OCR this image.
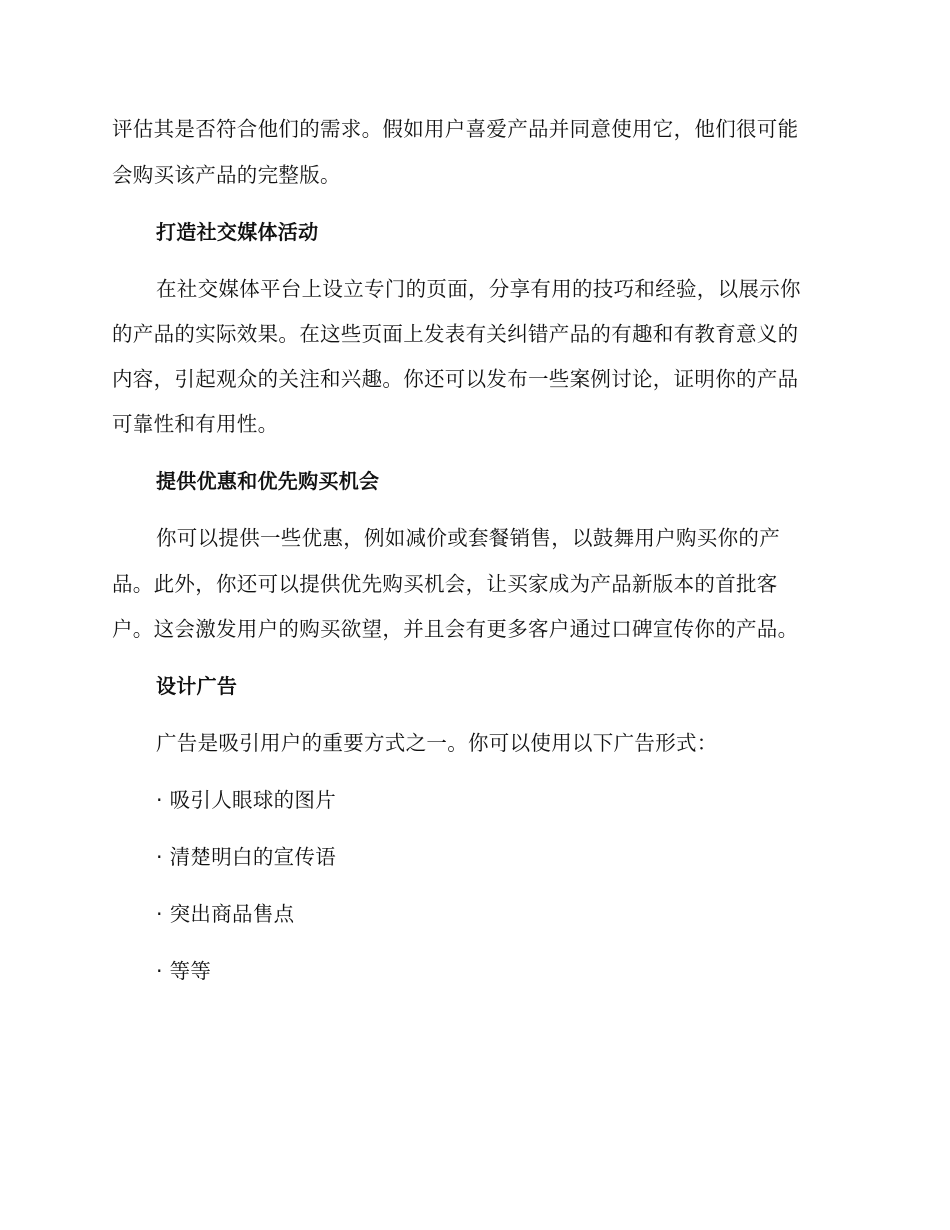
评估其是否符合他们的需求。假如用户喜爱产品并同意使用它，他们很可能
会购买该产品的完整版。
打造社交媒体活动
在社交媒体平台上设立专门的页面，分享有用的技巧和经验，以展示你
的产品的实际效果。在这些页面上发表有关纠错产品的有趣和有教育意义的
内容，引起观众的关注和兴趣。你还可以发布一些案例讨论，证明你的产品
可靠性和有用性。
提供优惠和优先购买机会
你可以提供一些优惠，例如减价或套餐销售，以鼓舞用户购买你的产
品。此外，你还可以提供优先购买机会，让买家成为产品新版本的首批客
户。这会激发用户的购买欲望，并且会有更多客户通过口碑宣传你的产品。
设计广告
广告是吸引用户的重要方式之一。你可以使用以下广告形式：
· 吸引人眼球的图片
· 清楚明白的宣传语
· 突出商品售点
· 等等
